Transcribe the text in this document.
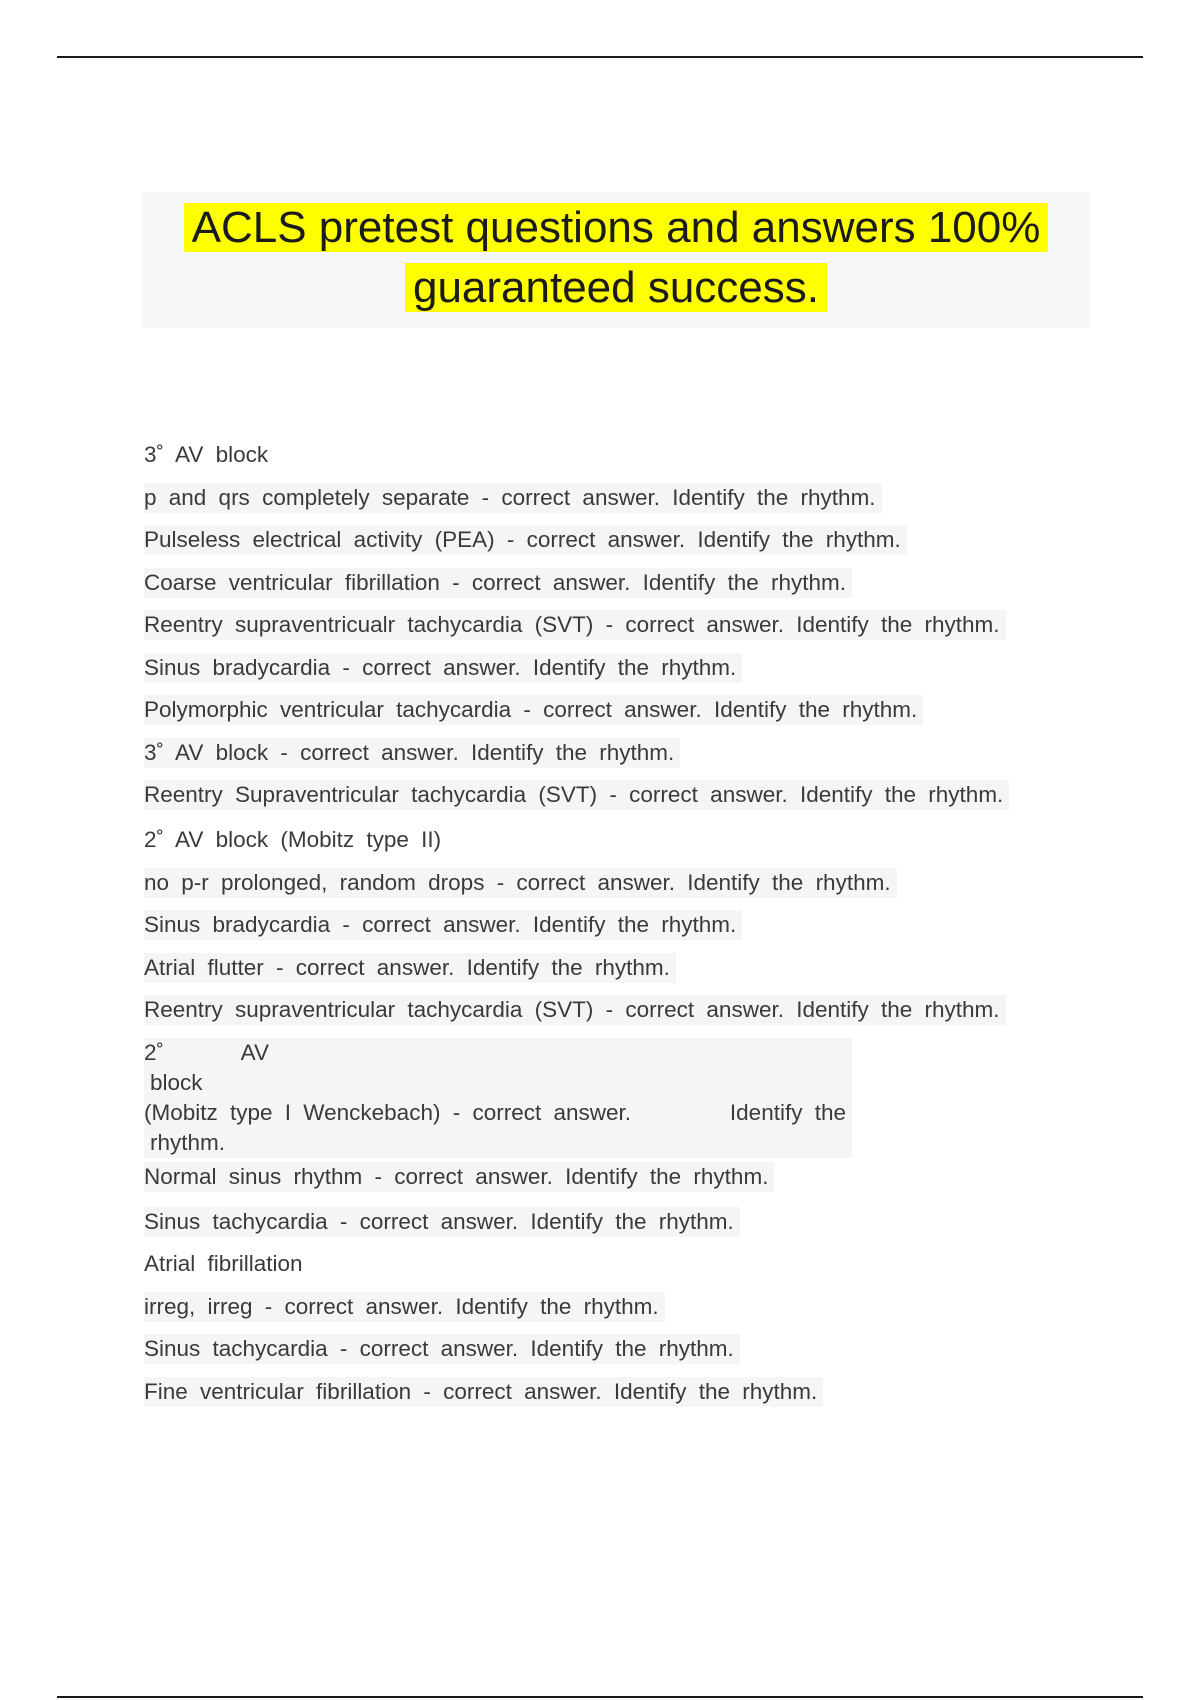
ACLS pretest questions and answers 100%
guaranteed success.
3˚ AV block
p and qrs completely separate - correct answer. Identify the rhythm.
Pulseless electrical activity (PEA) - correct answer. Identify the rhythm.
Coarse ventricular fibrillation - correct answer. Identify the rhythm.
Reentry supraventricualr tachycardia (SVT) - correct answer. Identify the rhythm.
Sinus bradycardia - correct answer. Identify the rhythm.
Polymorphic ventricular tachycardia - correct answer. Identify the rhythm.
3˚ AV block - correct answer. Identify the rhythm.
Reentry Supraventricular tachycardia (SVT) - correct answer. Identify the rhythm.
2˚ AV block (Mobitz type II)
no p-r prolonged, random drops - correct answer. Identify the rhythm.
Sinus bradycardia - correct answer. Identify the rhythm.
Atrial flutter - correct answer. Identify the rhythm.
Reentry supraventricular tachycardia (SVT) - correct answer. Identify the rhythm.
2˚	AV
block
(Mobitz type I Wenckebach) - correct answer.	Identify the
rhythm.
Normal sinus rhythm - correct answer. Identify the rhythm.
Sinus tachycardia - correct answer. Identify the rhythm.
Atrial fibrillation
irreg, irreg - correct answer. Identify the rhythm.
Sinus tachycardia - correct answer. Identify the rhythm.
Fine ventricular fibrillation - correct answer. Identify the rhythm.
